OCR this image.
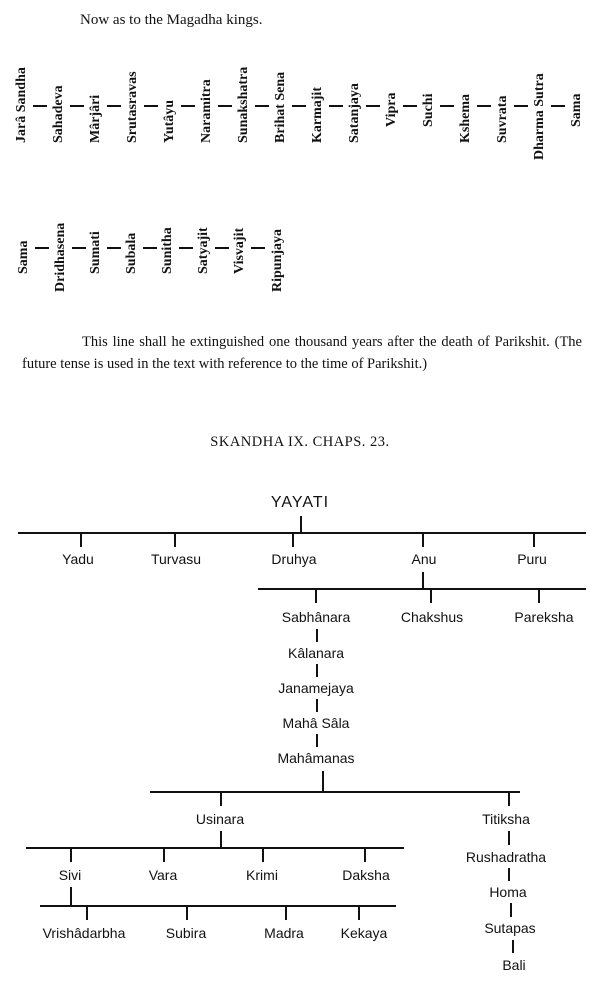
Now as to the Magadha kings.
Jarâ Sandha Sahadeva Mârjâri Srutasravas Yutâyu Naramitra Sunakshatra Brihat Sena Karmajit Satanjaya Vipra Suchi Kshema Suvrata Dharma Sutra Sama
Sama Dridhasena Sumati Subala Sunitha Satyajit Visvajit Ripunjaya
This line shall he extinguished one thousand years after the death of Parikshit. (The future tense is used in the text with reference to the time of Parikshit.)
SKANDHA IX. CHAPS. 23.
YAYATI
Yadu	Turvasu	Druhya	Anu	Puru
Sabhânara	Chakshus	Pareksha
Kâlanara
Janamejaya
Mahâ Sâla
Mahâmanas
Usinara	Titiksha
Sivi	Vara	Krimi	Daksha
Vrishâdarbha	Subira	Madra	Kekaya
Rushadratha
Homa
Sutapas
Bali
